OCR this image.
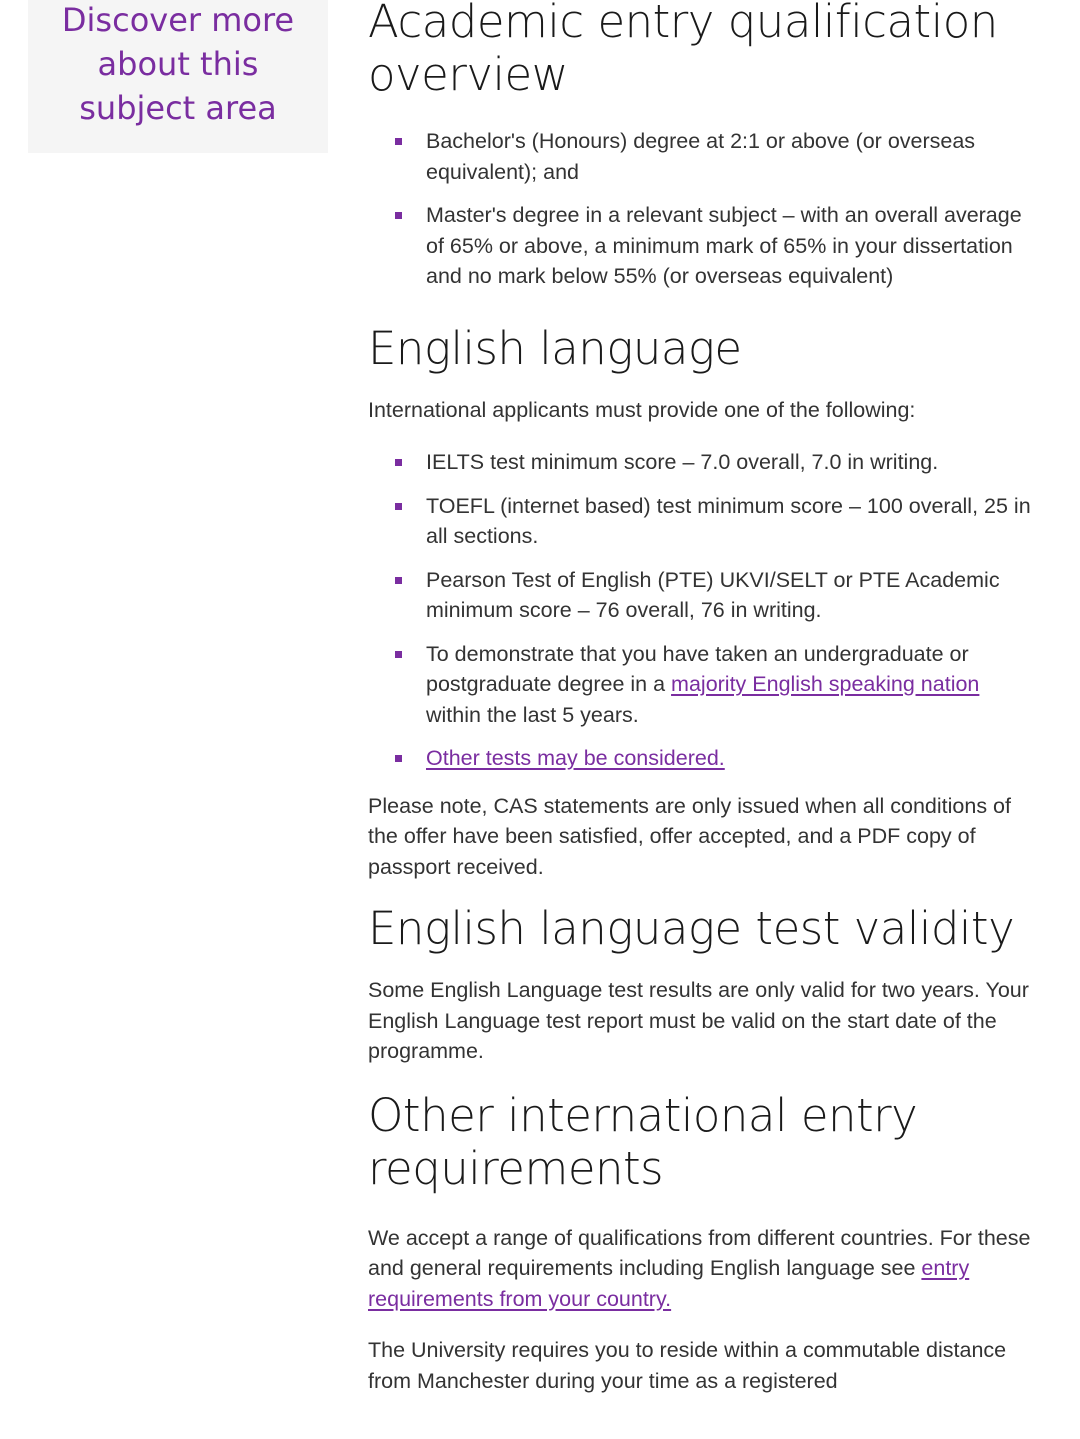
Discover more about this subject area
Academic entry qualification overview
Bachelor's (Honours) degree at 2:1 or above (or overseas equivalent); and
Master's degree in a relevant subject – with an overall average of 65% or above, a minimum mark of 65% in your dissertation and no mark below 55% (or overseas equivalent)
English language

International applicants must provide one of the following:

IELTS test minimum score – 7.0 overall, 7.0 in writing.
TOEFL (internet based) test minimum score – 100 overall, 25 in all sections.
Pearson Test of English (PTE) UKVI/SELT or PTE Academic minimum score – 76 overall, 76 in writing.
To demonstrate that you have taken an undergraduate or postgraduate degree in a majority English speaking nation within the last 5 years.
Other tests may be considered.

Please note, CAS statements are only issued when all conditions of the offer have been satisfied, offer accepted, and a PDF copy of passport received.

English language test validity

Some English Language test results are only valid for two years. Your English Language test report must be valid on the start date of the programme.

Other international entry requirements

We accept a range of qualifications from different countries. For these and general requirements including English language see entry requirements from your country.

The University requires you to reside within a commutable distance from Manchester during your time as a registered
